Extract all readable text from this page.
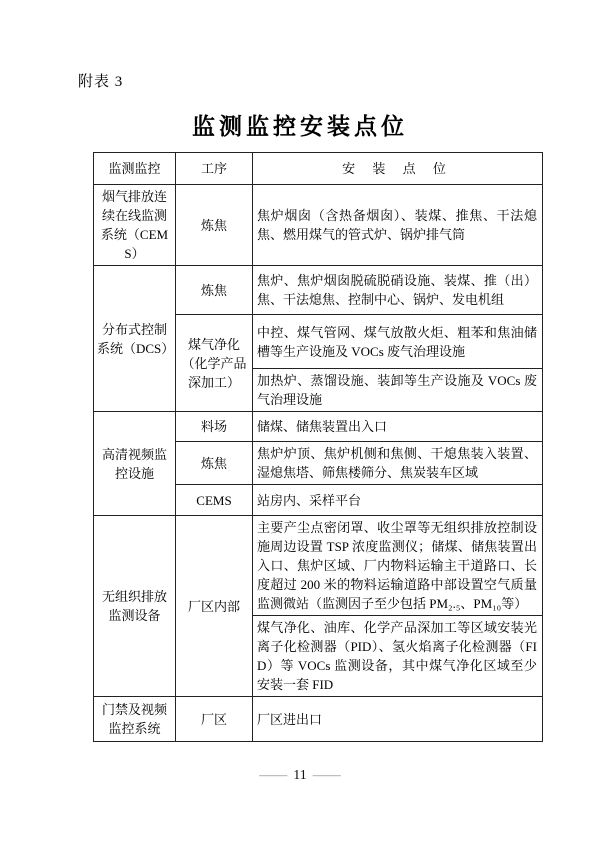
附表 3
监测监控安装点位
监测监控	工序	安 装 点 位
烟气排放连续在线监测系统（CEMS）	炼焦	焦炉烟囱（含热备烟囱）、装煤、推焦、干法熄焦、燃用煤气的管式炉、锅炉排气筒
分布式控制系统（DCS）	炼焦	焦炉、焦炉烟囱脱硫脱硝设施、装煤、推（出）焦、干法熄焦、控制中心、锅炉、发电机组
	煤气净化（化学产品深加工）	中控、煤气管网、煤气放散火炬、粗苯和焦油储槽等生产设施及 VOCs 废气治理设施
		加热炉、蒸馏设施、装卸等生产设施及 VOCs 废气治理设施
高清视频监控设施	料场	储煤、储焦装置出入口
	炼焦	焦炉炉顶、焦炉机侧和焦侧、干熄焦装入装置、湿熄焦塔、筛焦楼筛分、焦炭装车区域
	CEMS	站房内、采样平台
无组织排放监测设备	厂区内部	主要产尘点密闭罩、收尘罩等无组织排放控制设施周边设置 TSP 浓度监测仪；储煤、储焦装置出入口、焦炉区域、厂内物料运输主干道路口、长度超过 200 米的物料运输道路中部设置空气质量监测微站（监测因子至少包括 PM₂.₅、PM₁₀等）
		煤气净化、油库、化学产品深加工等区域安装光离子化检测器（PID）、氢火焰离子化检测器（FID）等 VOCs 监测设备，其中煤气净化区域至少安装一套 FID
门禁及视频监控系统	厂区	厂区进出口
—— 11 ——
